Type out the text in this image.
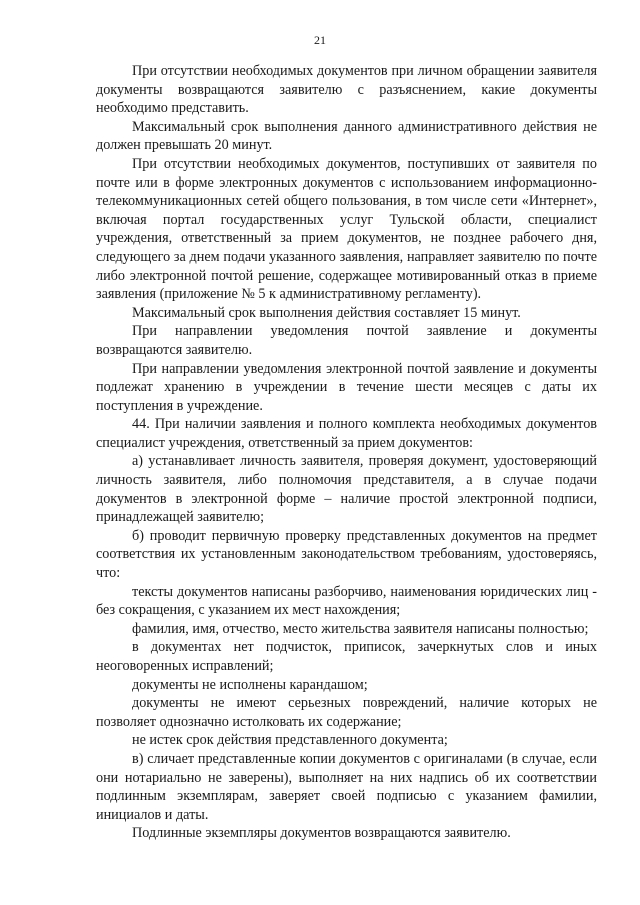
21

При отсутствии необходимых документов при личном обращении заявителя документы возвращаются заявителю с разъяснением, какие документы необходимо представить.

Максимальный срок выполнения данного административного действия не должен превышать 20 минут.

При отсутствии необходимых документов, поступивших от заявителя по почте или в форме электронных документов с использованием информационно-телекоммуникационных сетей общего пользования, в том числе сети «Интернет», включая портал государственных услуг Тульской области, специалист учреждения, ответственный за прием документов, не позднее рабочего дня, следующего за днем подачи указанного заявления, направляет заявителю по почте либо электронной почтой решение, содержащее мотивированный отказ в приеме заявления (приложение № 5 к административному регламенту).

Максимальный срок выполнения действия составляет 15 минут.

При направлении уведомления почтой заявление и документы возвращаются заявителю.

При направлении уведомления электронной почтой заявление и документы подлежат хранению в учреждении в течение шести месяцев с даты их поступления в учреждение.

44. При наличии заявления и полного комплекта необходимых документов специалист учреждения, ответственный за прием документов:

а) устанавливает личность заявителя, проверяя документ, удостоверяющий личность заявителя, либо полномочия представителя, а в случае подачи документов в электронной форме – наличие простой электронной подписи, принадлежащей заявителю;

б) проводит первичную проверку представленных документов на предмет соответствия их установленным законодательством требованиям, удостоверяясь, что:

тексты документов написаны разборчиво, наименования юридических лиц - без сокращения, с указанием их мест нахождения;

фамилия, имя, отчество, место жительства заявителя написаны полностью;

в документах нет подчисток, приписок, зачеркнутых слов и иных неоговоренных исправлений;

документы не исполнены карандашом;

документы не имеют серьезных повреждений, наличие которых не позволяет однозначно истолковать их содержание;

не истек срок действия представленного документа;

в) сличает представленные копии документов с оригиналами (в случае, если они нотариально не заверены), выполняет на них надпись об их соответствии подлинным экземплярам, заверяет своей подписью с указанием фамилии, инициалов и даты.

Подлинные экземпляры документов возвращаются заявителю.
